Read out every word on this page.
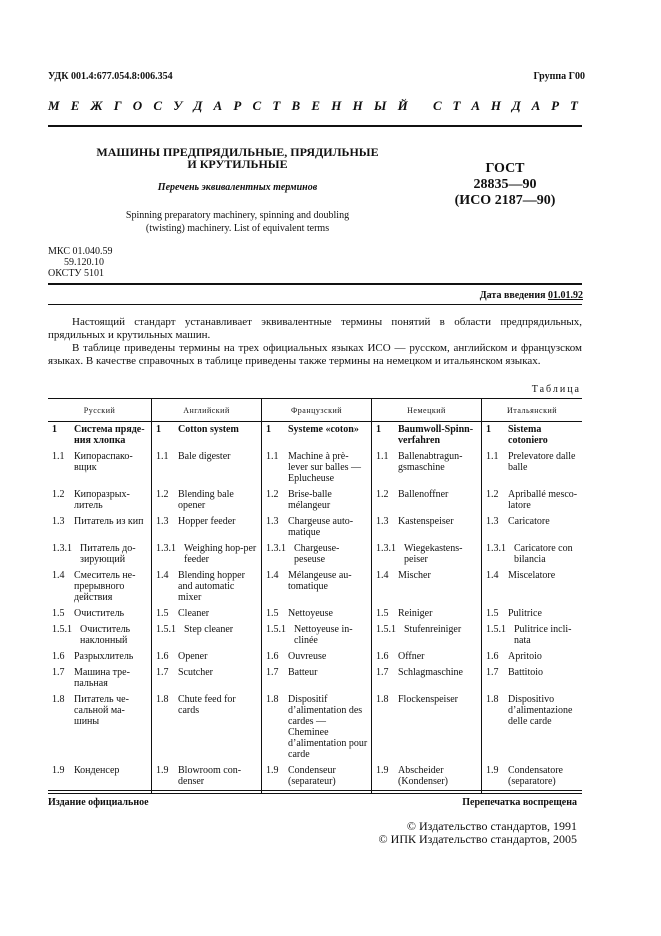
УДК 001.4:677.054.8:006.354	Группа Г00
М Е Ж Г О С У Д А Р С Т В Е Н Н Ы Й С Т А Н Д А Р Т
МАШИНЫ ПРЕДПРЯДИЛЬНЫЕ, ПРЯДИЛЬНЫЕ
И КРУТИЛЬНЫЕ
Перечень эквивалентных терминов
Spinning preparatory machinery, spinning and doubling
(twisting) machinery. List of equivalent terms
ГОСТ
28835—90
(ИСО 2187—90)
МКС 01.040.59
59.120.10
ОКСТУ 5101
Дата введения 01.01.92

Настоящий стандарт устанавливает эквивалентные термины понятий в области предпрядильных, прядильных и крутильных машин.

В таблице приведены термины на трех официальных языках ИСО — русском, английском и французском языках. В качестве справочных в таблице приведены также термины на немецком и итальянском языках.

Таблица
Русский	Английский	Французский	Немецкий	Итальянский

1 Система пряде-ния хлопка	1 Cotton system	1 Systeme «coton»	1 Baumwoll-Spinn-verfahren	1 Sistema cotoniero

1.1 Кипораспако-вщик	1.1 Bale digester	1.1 Machine à prè-lever sur balles — Eplucheuse	1.1 Ballenabtragun-gsmaschine	1.1 Prelevatore dalle balle

1.2 Кипоразрых-литель	1.2 Blending bale opener	1.2 Brise-balle mélangeur	1.2 Ballenoffner	1.2 Apriballé mesco-latore

1.3 Питатель из кип	1.3 Hopper feeder	1.3 Chargeuse auto-matique	1.3 Kastenspeiser	1.3 Caricatore

1.3.1 Питатель до-зирующий	1.3.1 Weighing hop-per feeder	1.3.1 Chargeuse-peseuse	1.3.1 Wiegekastens-peiser	1.3.1 Caricatore con bilancia

1.4 Смеситель не-прерывного действия	1.4 Blending hopper and automatic mixer	1.4 Mélangeuse au-tomatique	1.4 Mischer	1.4 Miscelatore

1.5 Очиститель	1.5 Cleaner	1.5 Nettoyeuse	1.5 Reiniger	1.5 Pulitrice

1.5.1 Очиститель наклонный	1.5.1 Step cleaner	1.5.1 Nettoyeuse in-clinée	1.5.1 Stufenreiniger	1.5.1 Pulitrice incli-nata

1.6 Разрыхлитель	1.6 Opener	1.6 Ouvreuse	1.6 Offner	1.6 Apritoio

1.7 Машина тре-пальная	1.7 Scutcher	1.7 Batteur	1.7 Schlagmaschine	1.7 Battitoio

1.8 Питатель че-сальной ма-шины	1.8 Chute feed for cards	1.8 Dispositif d’alimentation des cardes — Cheminee d’alimentation pour carde	1.8 Flockenspeiser	1.8 Dispositivo d’alimentazione delle carde

1.9 Конденсер	1.9 Blowroom con-denser	1.9 Condenseur (separateur)	1.9 Abscheider (Kondenser)	1.9 Condensatore (separatore)
Издание официальное	Перепечатка воспрещена
© Издательство стандартов, 1991
© ИПК Издательство стандартов, 2005
